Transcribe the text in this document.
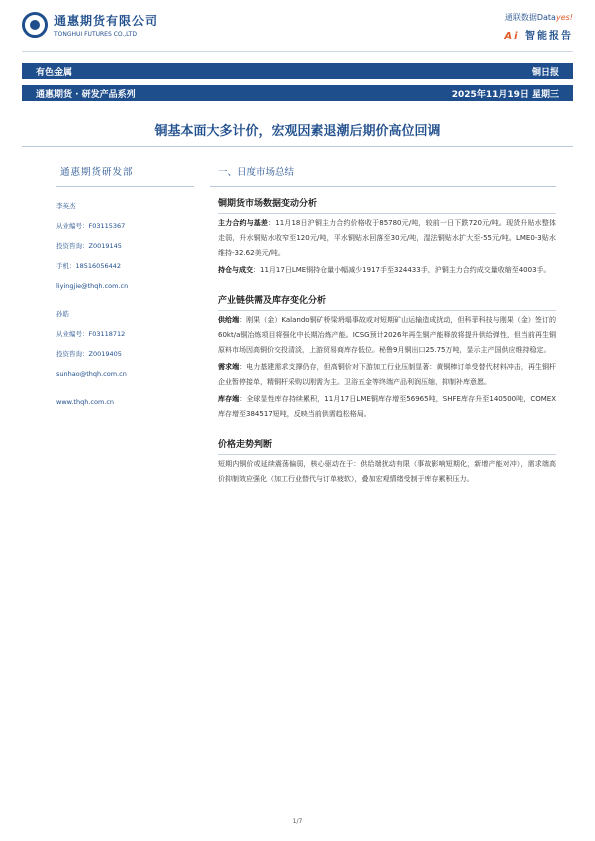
通惠期货有限公司
TONGHUI FUTURES CO.,LTD
通联数据Datayes!
Ai 智能报告
有色金属	铜日报
通惠期货 · 研发产品系列	2025年11月19日 星期三
铜基本面大多计价，宏观因素退潮后期价高位回调
通惠期货研发部
李英杰
从业编号：F03115367
投资咨询：Z0019145
手机：18516056442
liyingjie@thqh.com.cn
孙皓
从业编号：F03118712
投资咨询：Z0019405
sunhao@thqh.com.cn
www.thqh.com.cn
一、日度市场总结
铜期货市场数据变动分析
主力合约与基差：11月18日沪铜主力合约价格收于85780元/吨，较前一日下跌720元/吨。现货升贴水整体走弱，升水铜贴水收窄至120元/吨，平水铜贴水回落至30元/吨，湿法铜贴水扩大至-55元/吨。LME0-3贴水维持-32.62美元/吨。
持仓与成交：11月17日LME铜持仓量小幅减少1917手至324433手，沪铜主力合约成交量收缩至4003手。
产业链供需及库存变化分析
供给端：刚果（金）Kalando铜矿桥梁坍塌事故或对短期矿山运输造成扰动，但科菲科技与刚果（金）签订的60kt/a铜冶炼项目将强化中长期冶炼产能。ICSG预计2026年再生铜产能释放将提升供给弹性，但当前再生铜原料市场因高铜价交投清淡，上游贸易商库存低位。秘鲁9月铜出口25.75万吨，显示主产国供应维持稳定。
需求端：电力基建需求支撑仍存，但高铜价对下游加工行业压制显著：黄铜棒订单受替代材料冲击，再生铜杆企业暂停接单，精铜杆采购以刚需为主。卫浴五金等终端产品利润压缩，抑制补库意愿。
库存端：全球显性库存持续累积，11月17日LME铜库存增至56965吨，SHFE库存升至140500吨，COMEX库存增至384517短吨，反映当前供需趋松格局。
价格走势判断
短期内铜价或延续震荡偏弱，核心驱动在于：供给端扰动有限（事故影响短期化，新增产能对冲），需求端高价抑制效应强化（加工行业替代与订单疲软），叠加宏观情绪受制于库存累积压力。
1/7
